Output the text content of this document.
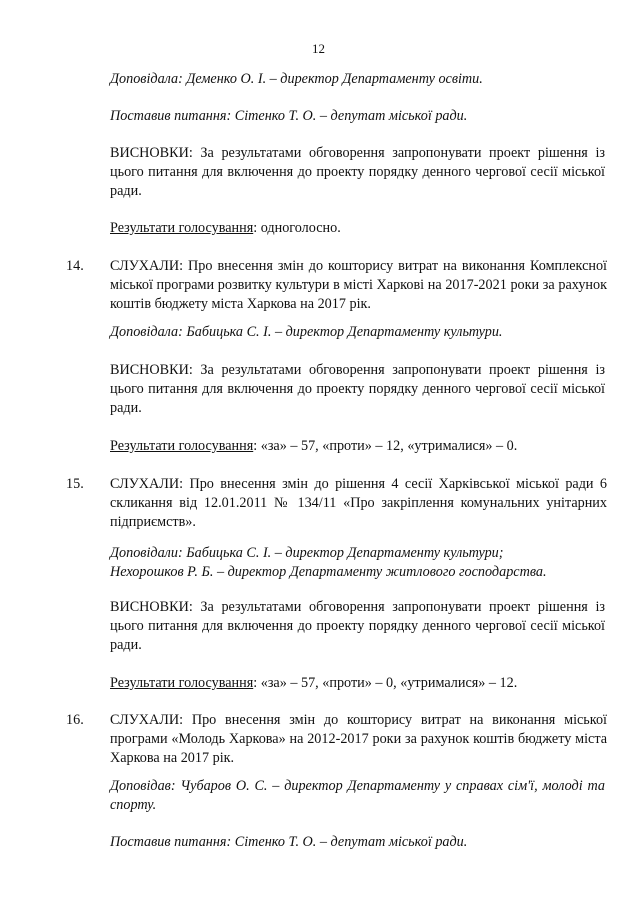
12
Доповідала: Деменко О. І. – директор Департаменту освіти.
Поставив питання: Сітенко Т. О. – депутат міської ради.
ВИСНОВКИ: За результатами обговорення запропонувати проект рішення із цього питання для включення до проекту порядку денного чергової сесії міської ради.
Результати голосування: одноголосно.
14. СЛУХАЛИ: Про внесення змін до кошторису витрат на виконання Комплексної міської програми розвитку культури в місті Харкові на 2017-2021 роки за рахунок коштів бюджету міста Харкова на 2017 рік.
Доповідала: Бабицька С. І. – директор Департаменту культури.
ВИСНОВКИ: За результатами обговорення запропонувати проект рішення із цього питання для включення до проекту порядку денного чергової сесії міської ради.
Результати голосування: «за» – 57, «проти» – 12, «утрималися» – 0.
15. СЛУХАЛИ: Про внесення змін до рішення 4 сесії Харківської міської ради 6 скликання від 12.01.2011 № 134/11 «Про закріплення комунальних унітарних підприємств».
Доповідали: Бабицька С. І. – директор Департаменту культури;
Нехорошков Р. Б. – директор Департаменту житлового господарства.
ВИСНОВКИ: За результатами обговорення запропонувати проект рішення із цього питання для включення до проекту порядку денного чергової сесії міської ради.
Результати голосування: «за» – 57, «проти» – 0, «утрималися» – 12.
16. СЛУХАЛИ: Про внесення змін до кошторису витрат на виконання міської програми «Молодь Харкова» на 2012-2017 роки за рахунок коштів бюджету міста Харкова на 2017 рік.
Доповідав: Чубаров О. С. – директор Департаменту у справах сім'ї, молоді та спорту.
Поставив питання: Сітенко Т. О. – депутат міської ради.
